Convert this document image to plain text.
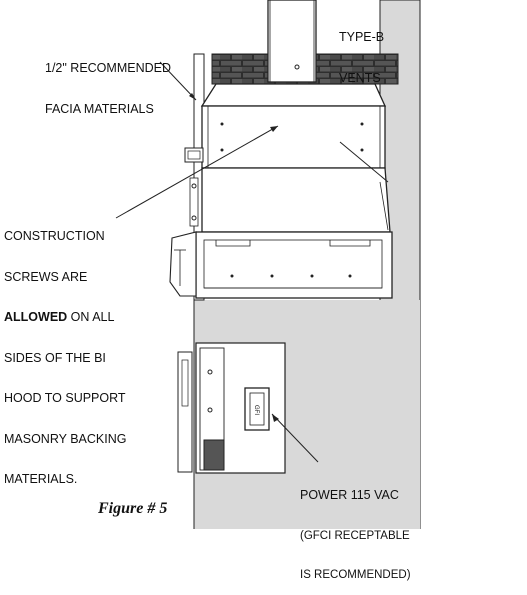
GFI

TYPE-B

VENTS

1/2" RECOMMENDED

FACIA MATERIALS

CONSTRUCTION

SCREWS ARE

ALLOWED ON ALL

SIDES OF THE BI

HOOD TO SUPPORT

MASONRY BACKING

MATERIALS.

POWER 115 VAC

(GFCI RECEPTABLE

IS RECOMMENDED)

Figure # 5
